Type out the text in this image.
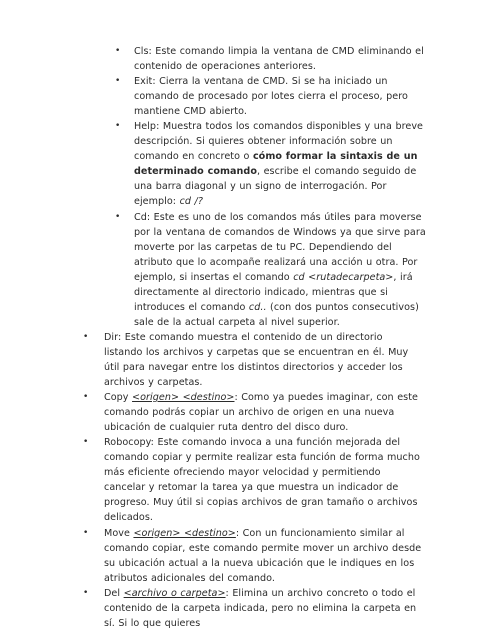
• Cls: Este comando limpia la ventana de CMD eliminando el contenido de operaciones anteriores.
• Exit: Cierra la ventana de CMD. Si se ha iniciado un comando de procesado por lotes cierra el proceso, pero mantiene CMD abierto.
• Help: Muestra todos los comandos disponibles y una breve descripción. Si quieres obtener información sobre un comando en concreto o cómo formar la sintaxis de un determinado comando, escribe el comando seguido de una barra diagonal y un signo de interrogación. Por ejemplo: cd /?
• Cd: Este es uno de los comandos más útiles para moverse por la ventana de comandos de Windows ya que sirve para moverte por las carpetas de tu PC. Dependiendo del atributo que lo acompañe realizará una acción u otra. Por ejemplo, si insertas el comando cd <rutadecarpeta>, irá directamente al directorio indicado, mientras que si introduces el comando cd.. (con dos puntos consecutivos) sale de la actual carpeta al nivel superior.
• Dir: Este comando muestra el contenido de un directorio listando los archivos y carpetas que se encuentran en él. Muy útil para navegar entre los distintos directorios y acceder los archivos y carpetas.
• Copy <origen> <destino>: Como ya puedes imaginar, con este comando podrás copiar un archivo de origen en una nueva ubicación de cualquier ruta dentro del disco duro.
• Robocopy: Este comando invoca a una función mejorada del comando copiar y permite realizar esta función de forma mucho más eficiente ofreciendo mayor velocidad y permitiendo cancelar y retomar la tarea ya que muestra un indicador de progreso. Muy útil si copias archivos de gran tamaño o archivos delicados.
• Move <origen> <destino>: Con un funcionamiento similar al comando copiar, este comando permite mover un archivo desde su ubicación actual a la nueva ubicación que le indiques en los atributos adicionales del comando.
• Del <archivo o carpeta>: Elimina un archivo concreto o todo el contenido de la carpeta indicada, pero no elimina la carpeta en sí. Si lo que quieres
